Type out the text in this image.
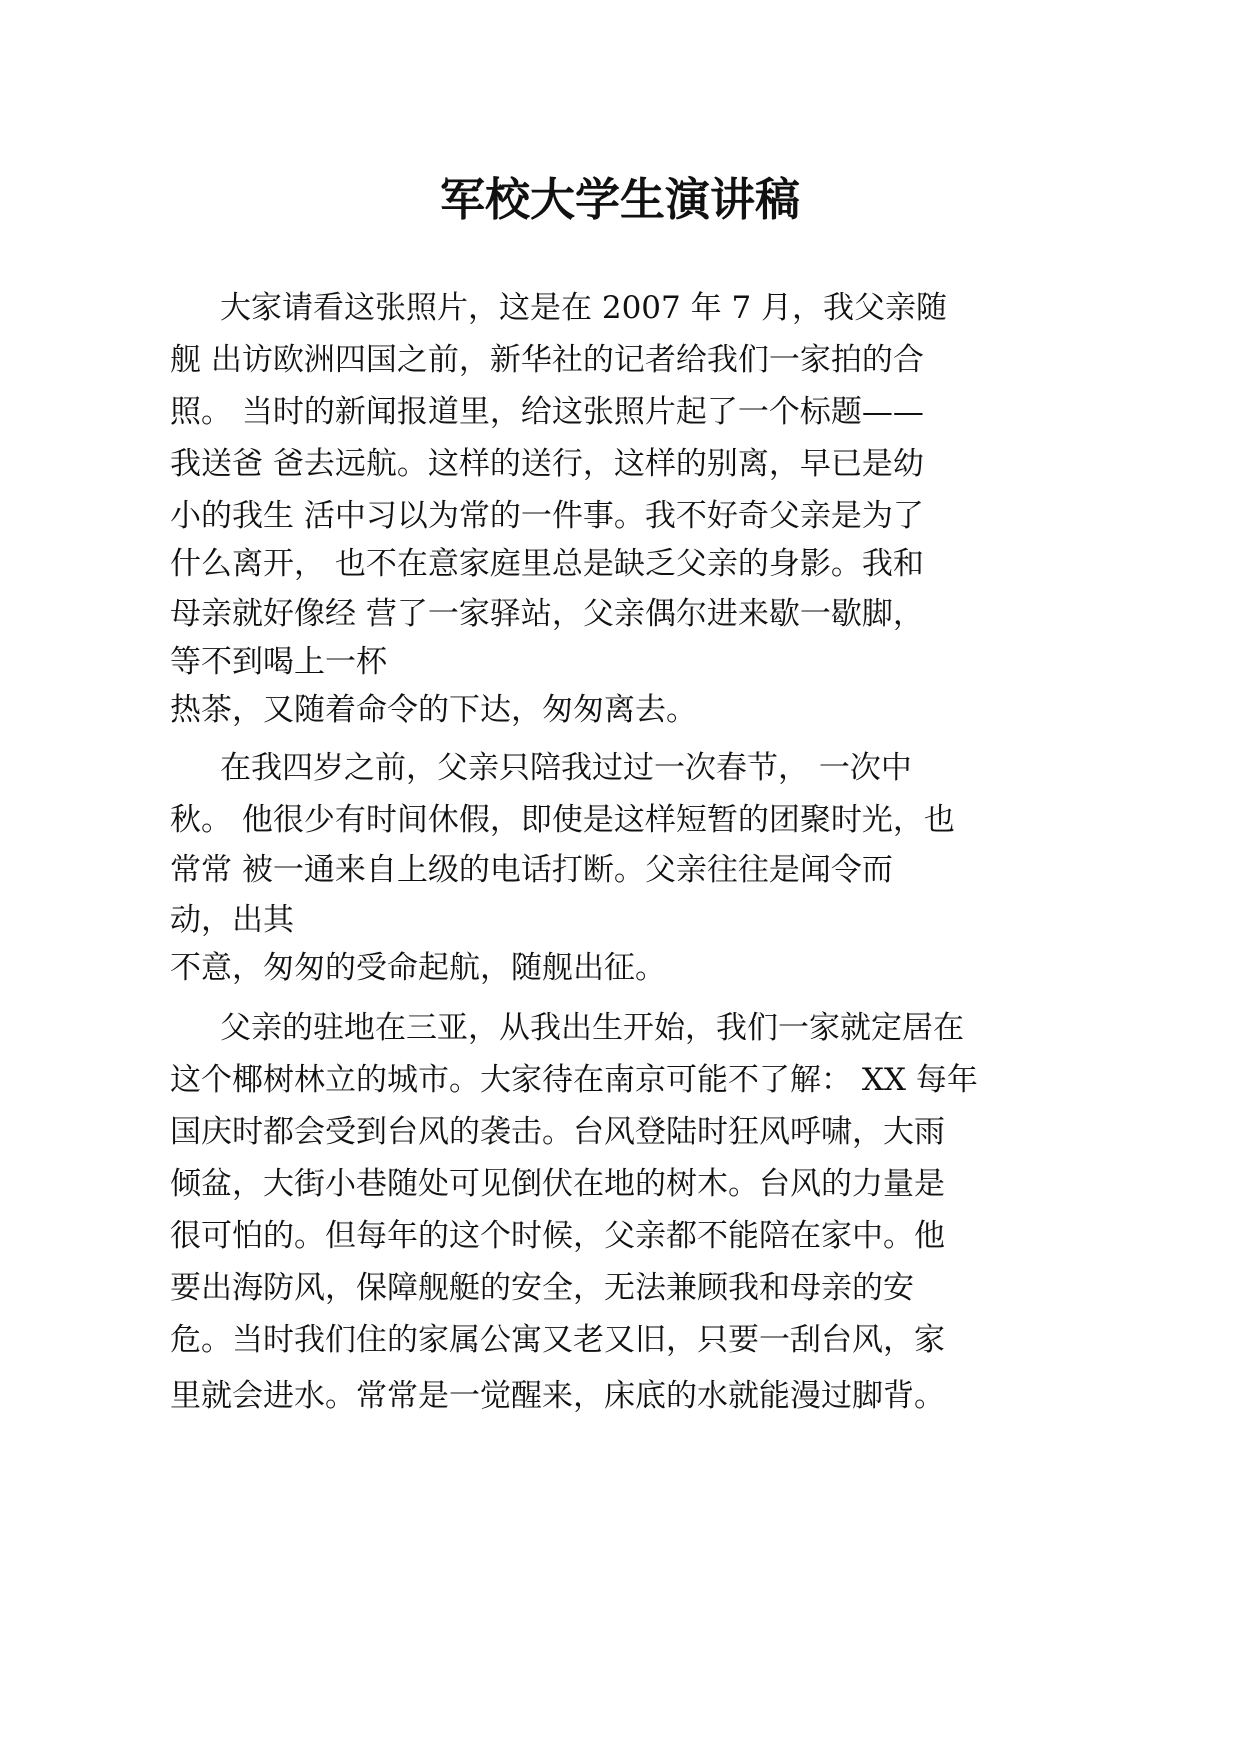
军校大学生演讲稿

大家请看这张照片，这是在 2007 年 7 月，我父亲随

舰 出访欧洲四国之前，新华社的记者给我们一家拍的合

照。 当时的新闻报道里，给这张照片起了一个标题——

我送爸 爸去远航。这样的送行，这样的别离，早已是幼

小的我生 活中习以为常的一件事。我不好奇父亲是为了

什么离开， 也不在意家庭里总是缺乏父亲的身影。我和

母亲就好像经 营了一家驿站，父亲偶尔进来歇一歇脚，

等不到喝上一杯

热茶，又随着命令的下达，匆匆离去。

在我四岁之前，父亲只陪我过过一次春节， 一次中

秋。 他很少有时间休假，即使是这样短暂的团聚时光，也

常常 被一通来自上级的电话打断。父亲往往是闻令而

动，出其

不意，匆匆的受命起航，随舰出征。

父亲的驻地在三亚，从我出生开始，我们一家就定居在

这个椰树林立的城市。大家待在南京可能不了解： XX 每年

国庆时都会受到台风的袭击。台风登陆时狂风呼啸，大雨

倾盆，大街小巷随处可见倒伏在地的树木。台风的力量是

很可怕的。但每年的这个时候，父亲都不能陪在家中。他

要出海防风，保障舰艇的安全，无法兼顾我和母亲的安

危。当时我们住的家属公寓又老又旧，只要一刮台风，家

里就会进水。常常是一觉醒来，床底的水就能漫过脚背。
